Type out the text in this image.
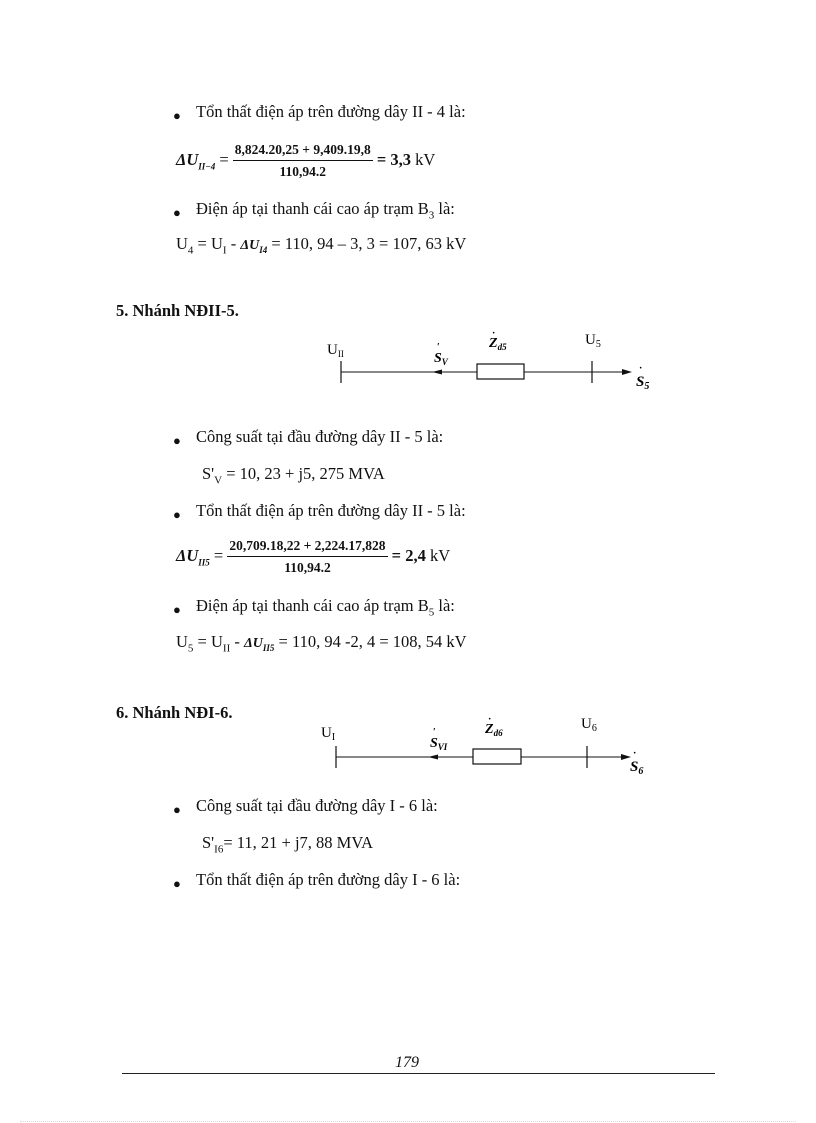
● Tổn thất điện áp trên đường dây II - 4 là:
$\Delta U_{II-4} = \frac{8,824.20,25 + 9,409.19,8}{110,94.2} = 3,3$ kV
● Điện áp tại thanh cái cao áp trạm $B_3$ là:
$U_4 = U_I - \Delta U_{I4} = 110$, 94 – 3, 3 = 107, 63 kV
5. Nhánh NĐII-5.
$U_{II}$
$U_5$
$S_V$
′	$Z_{d5}$
·
$S_5$
·
● Công suất tại đầu đường dây II - 5 là:
$S'_V = 10$, 23 + j5, 275 MVA
● Tổn thất điện áp trên đường dây II - 5 là:
$\Delta U_{II5} = \frac{20,709.18,22 + 2,224.17,828}{110,94.2} = 2,4$ kV
● Điện áp tại thanh cái cao áp trạm $B_5$ là:
$U_5 = U_{II} - \Delta U_{II5} = 110$, 94 -2, 4 = 108, 54 kV
6. Nhánh NĐI-6.
$U_I$
$U_6$
$S_{VI}$
′	$Z_{d6}$
·
$S_6$
·
● Công suất tại đầu đường dây I - 6 là:
$S'_{I6}= 11$, 21 + j7, 88 MVA
● Tổn thất điện áp trên đường dây I - 6 là:
179
